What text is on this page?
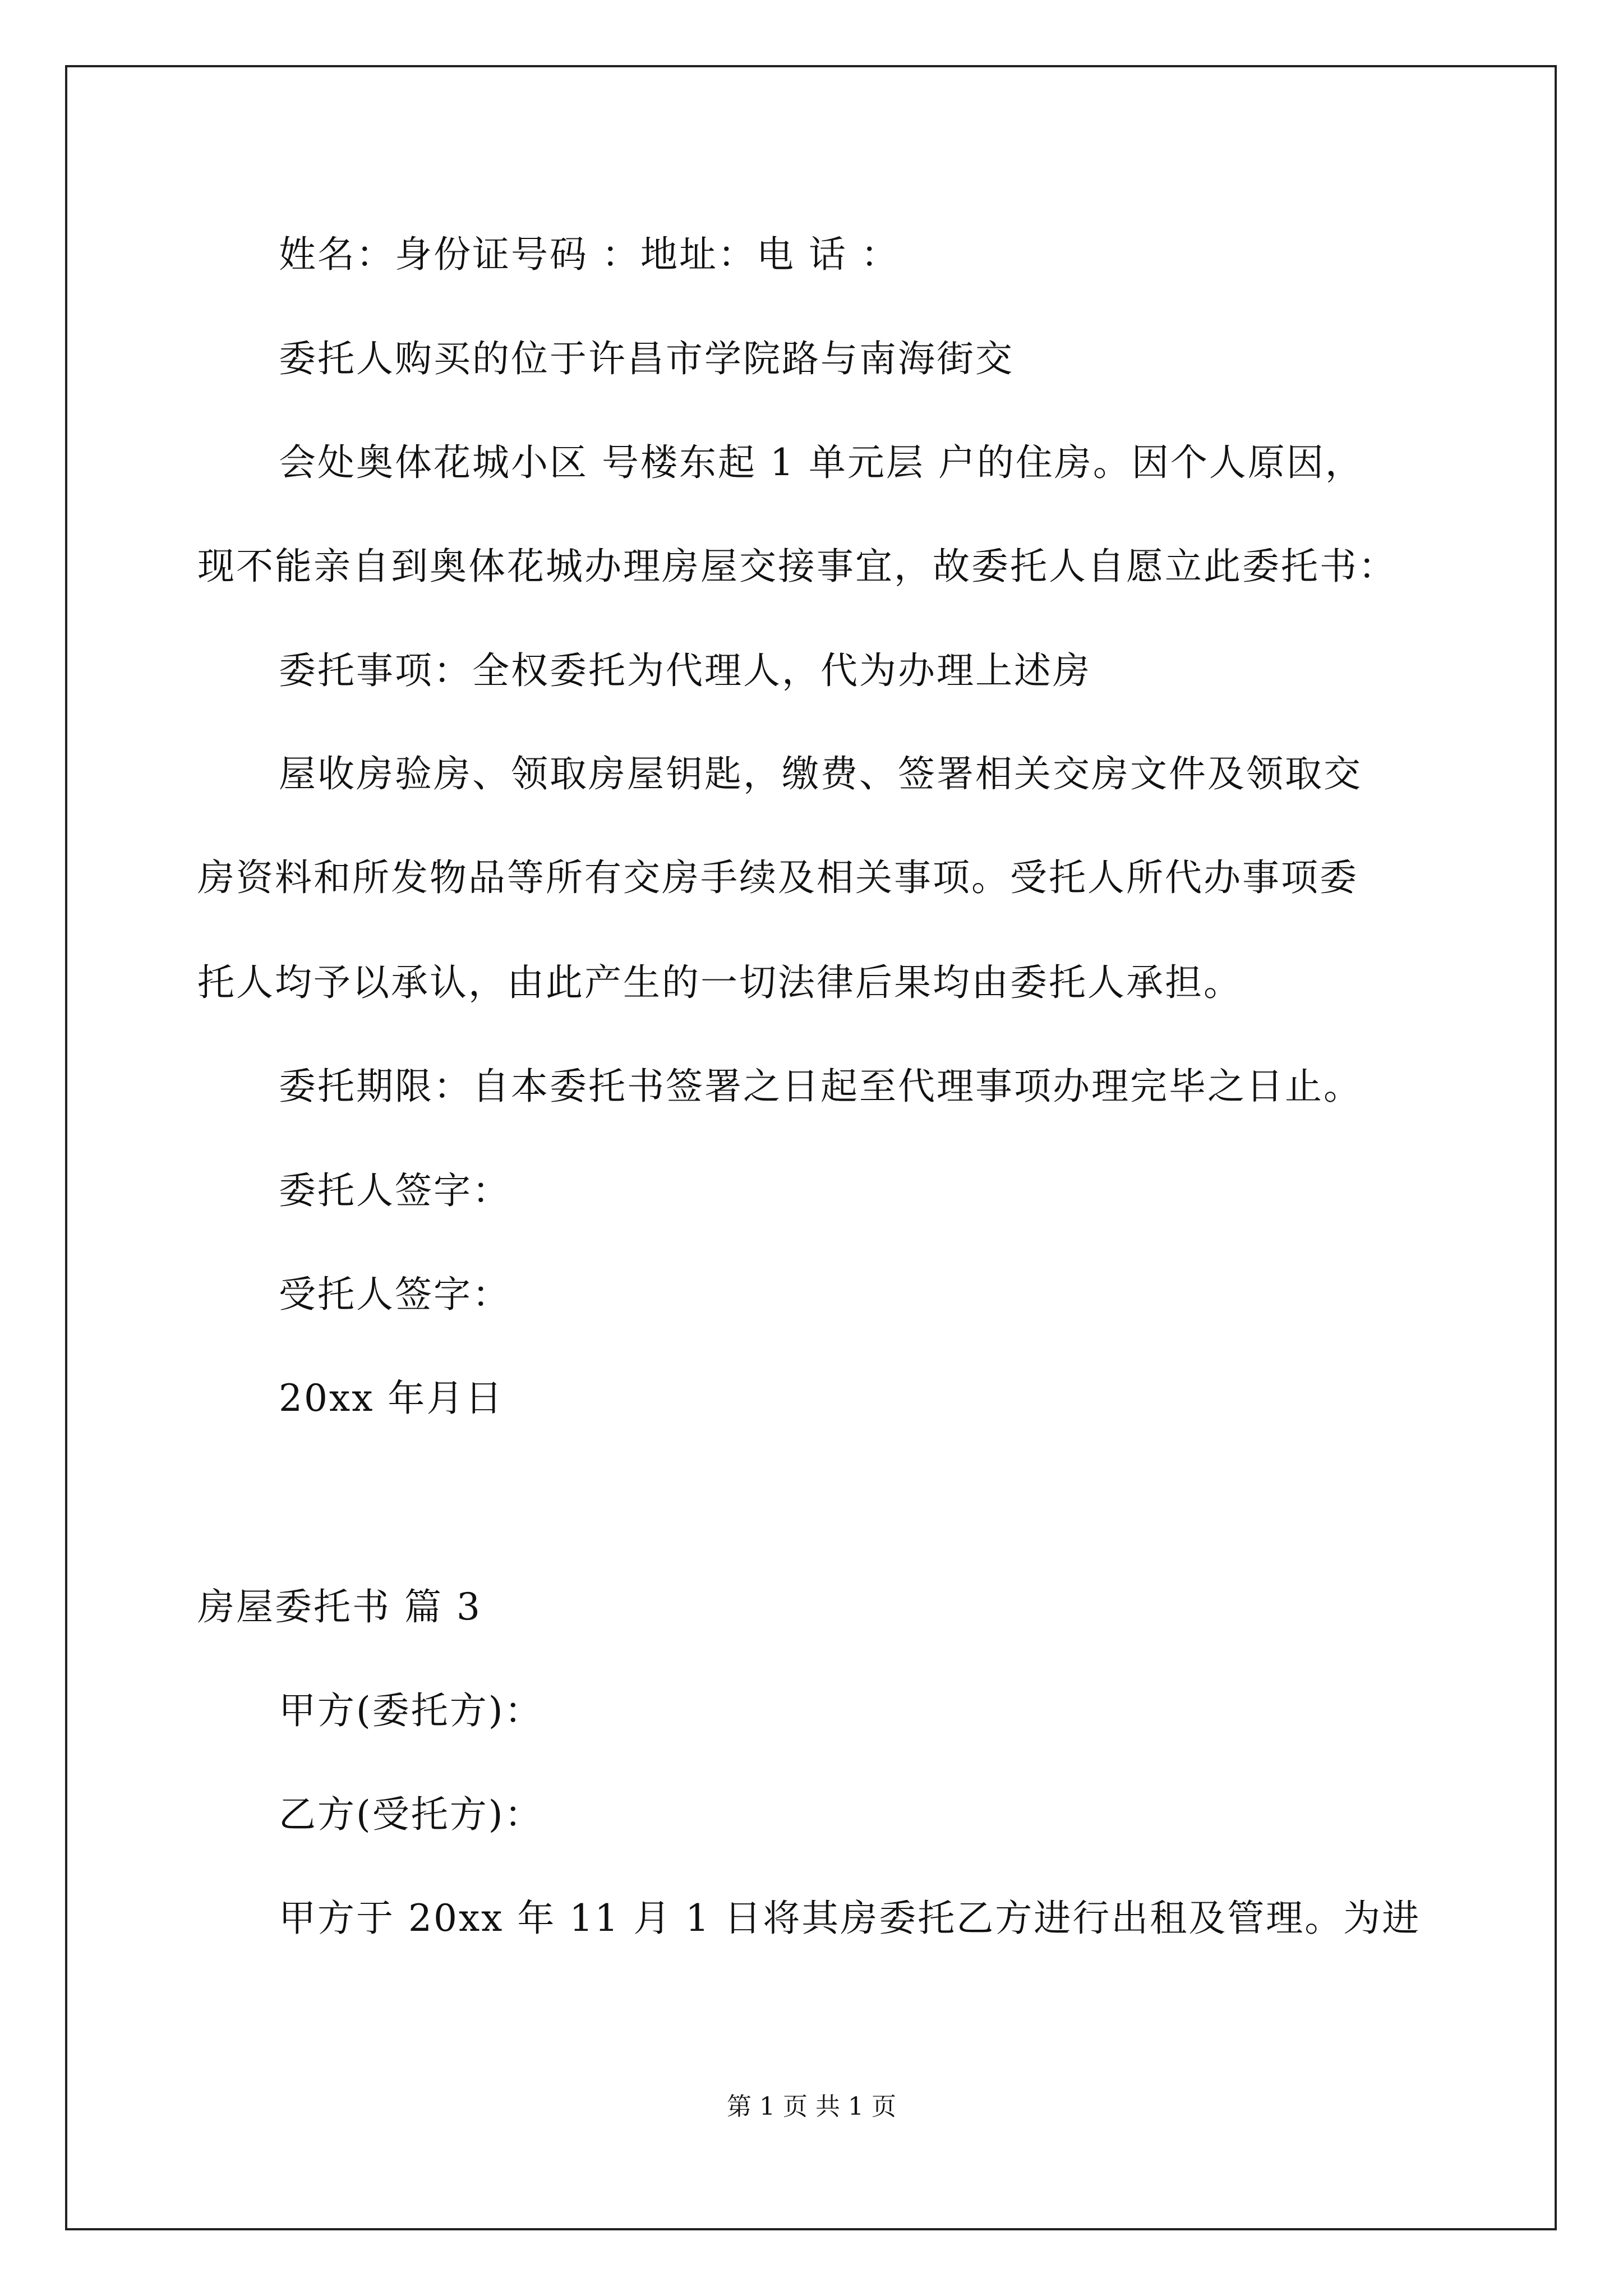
姓名：身份证号码 ：地址：电 话 ：
委托人购买的位于许昌市学院路与南海街交
会处奥体花城小区 号楼东起 1 单元层 户的住房。因个人原因，
现不能亲自到奥体花城办理房屋交接事宜，故委托人自愿立此委托书：
委托事项：全权委托为代理人，代为办理上述房
屋收房验房、领取房屋钥匙，缴费、签署相关交房文件及领取交
房资料和所发物品等所有交房手续及相关事项。受托人所代办事项委
托人均予以承认，由此产生的一切法律后果均由委托人承担。
委托期限：自本委托书签署之日起至代理事项办理完毕之日止。
委托人签字：
受托人签字：
20xx 年月日
房屋委托书 篇 3
甲方(委托方)：
乙方(受托方)：
甲方于 20xx 年 11 月 1 日将其房委托乙方进行出租及管理。为进
第 1 页 共 1 页
